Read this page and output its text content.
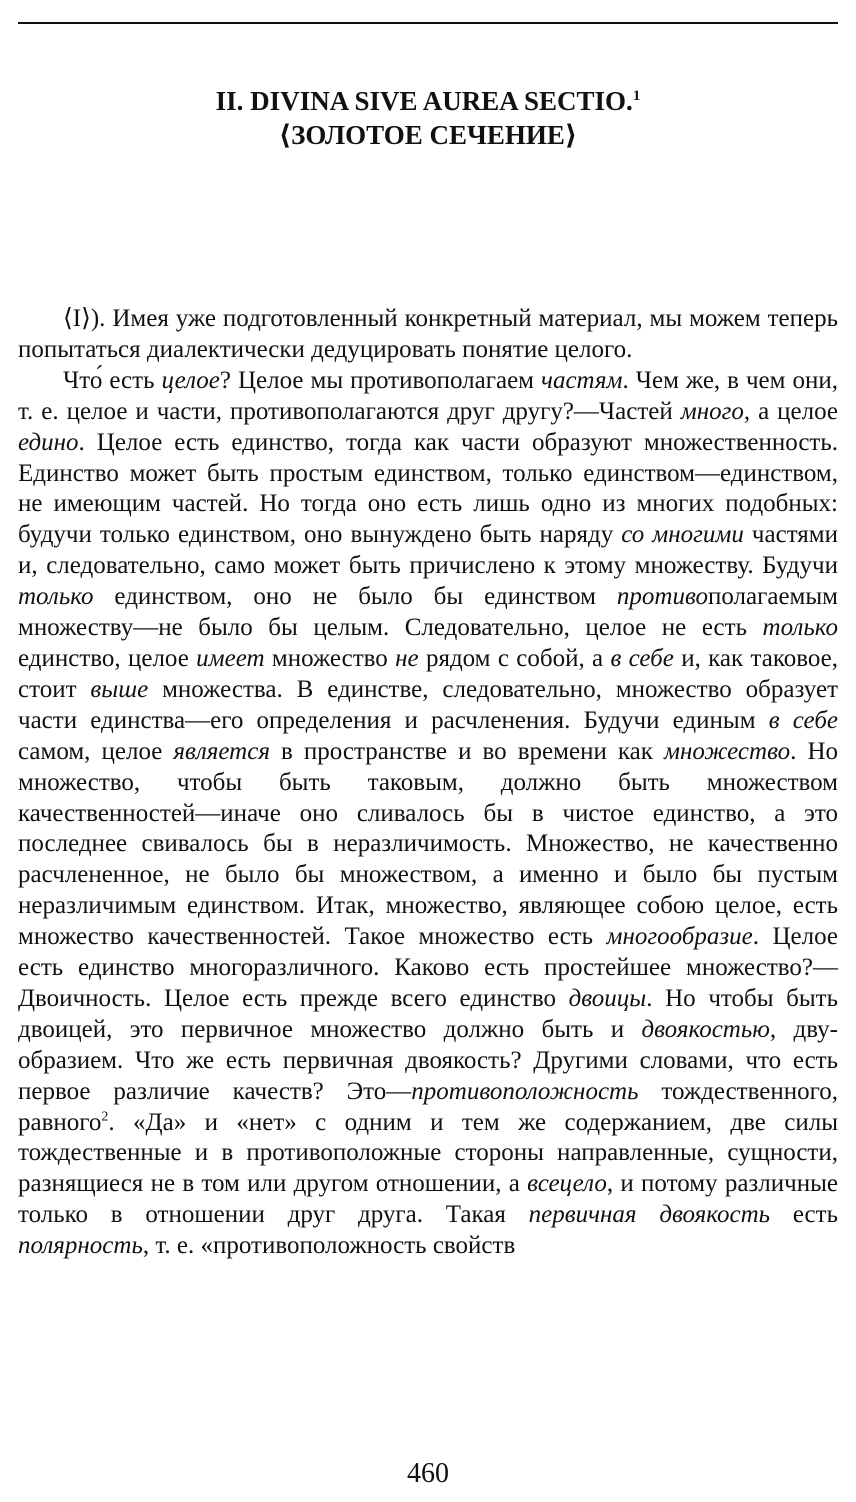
II. DIVINA SIVE AUREA SECTIO.$^1$
⟨ЗОЛОТОЕ СЕЧЕНИЕ⟩

⟨I⟩). Имея уже подготовленный конкретный материал, мы можем теперь попытаться диалектически дедуцировать понятие целого.

Что́ есть целое? Целое мы противополагаем частям. Чем же, в чем они, т. е. целое и части, противополагаются друг другу?—Частей много, а целое едино. Целое есть единство, тогда как части образуют множественность. Единство может быть простым единством, только единством—единством, не имеющим частей. Но тогда оно есть лишь одно из многих подобных: будучи только единством, оно вынуждено быть наряду со многими частями и, следовательно, само может быть причислено к этому множеству. Будучи только единством, оно не было бы единством противополагаемым множеству—не было бы целым. Следовательно, целое не есть только единство, целое имеет множество не рядом с собой, а в себе и, как таковое, стоит выше множества. В единстве, следовательно, множество образует части единства—его определения и расчленения. Будучи единым в себе самом, целое является в пространстве и во времени как множество. Но множество, чтобы быть таковым, должно быть множеством качественностей—иначе оно сливалось бы в чистое единство, а это последнее свивалось бы в неразличимость. Множество, не качественно расчлененное, не было бы множеством, а именно и было бы пустым неразличимым единством. Итак, множество, являющее собою целое, есть множество качественностей. Такое множество есть многообразие. Целое есть единство многоразличного. Каково есть простейшее множество?—Двоичность. Целое есть прежде всего единство двоицы. Но чтобы быть двоицей, это первичное множество должно быть и двоякостью, дву-образием. Что же есть первичная двоякость? Другими словами, что есть первое различие качеств? Это—противоположность тождественного, равного$^2$. «Да» и «нет» с одним и тем же содержанием, две силы тождественные и в противоположные стороны направленные, сущности, разнящиеся не в том или другом отношении, а всецело, и потому различные только в отношении друг друга. Такая первичная двоякость есть полярность, т. е. «противоположность свойств

460
